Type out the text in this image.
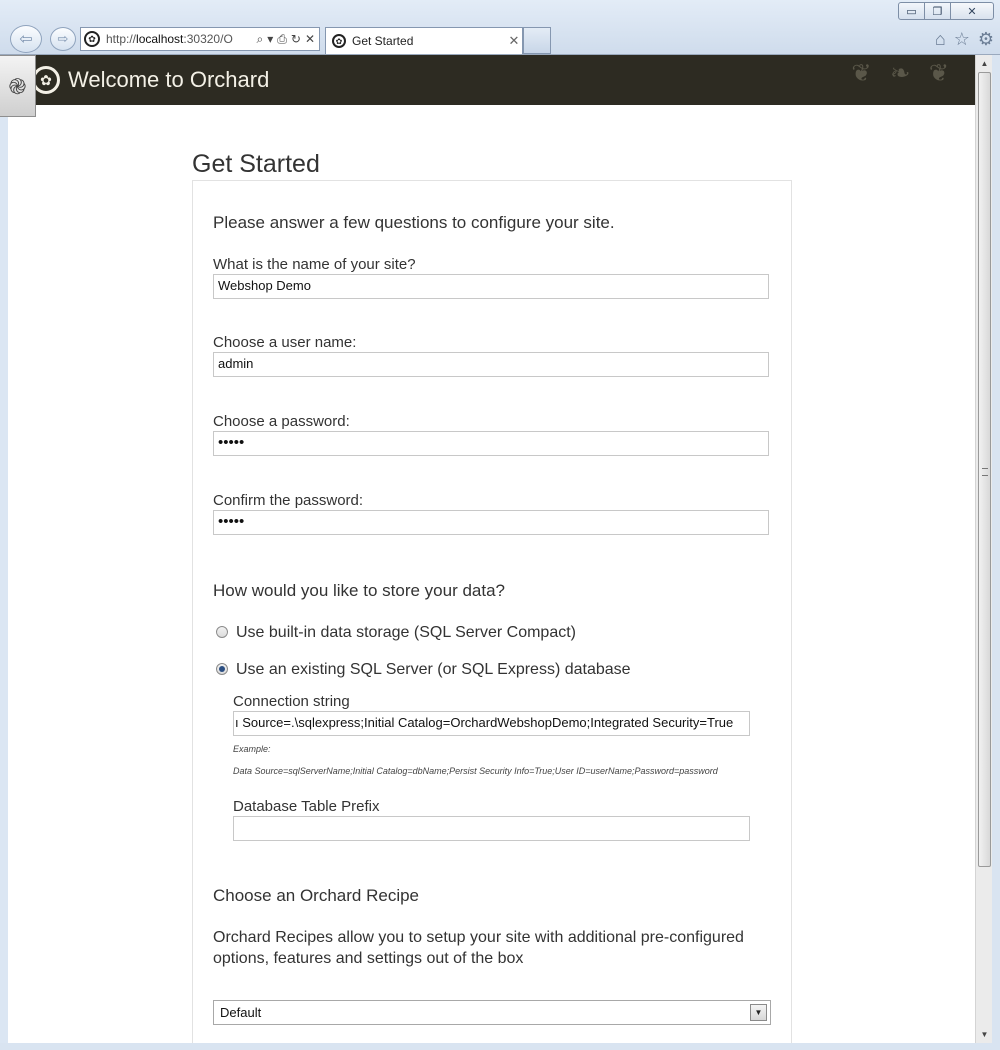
▭	❐	✕
⇦ ⇨	✿ http://localhost:30320/O	⌕ ▾ ⎙ ↻ ✕	✿ Get Started	✕	⌂ ☆ ⚙
✿ Welcome to Orchard	❦ ❧ ❦
Get Started
Please answer a few questions to configure your site.
What is the name of your site?
Webshop Demo
Choose a user name:
admin
Choose a password:
•••••
Confirm the password:
•••••
How would you like to store your data?
Use built-in data storage (SQL Server Compact)
Use an existing SQL Server (or SQL Express) database
Connection string
ı Source=.\sqlexpress;Initial Catalog=OrchardWebshopDemo;Integrated Security=True
Example:
Data Source=sqlServerName;Initial Catalog=dbName;Persist Security Info=True;User ID=userName;Password=password
Database Table Prefix
Choose an Orchard Recipe
Orchard Recipes allow you to setup your site with additional pre-configured
options, features and settings out of the box
Default	▼
֎
▲
▼
